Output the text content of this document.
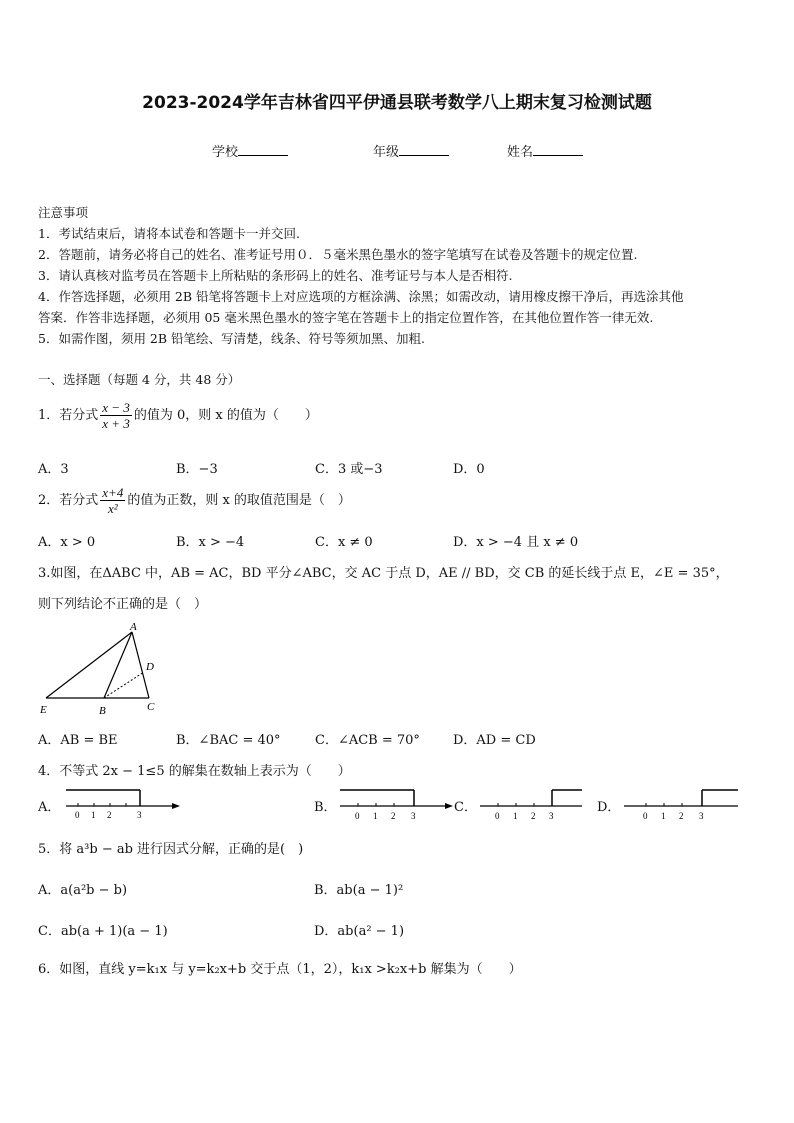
2023-2024学年吉林省四平伊通县联考数学八上期末复习检测试题
学校	年级	姓名
注意事项
1．考试结束后，请将本试卷和答题卡一并交回.
2．答题前，请务必将自己的姓名、准考证号用０．５毫米黑色墨水的签字笔填写在试卷及答题卡的规定位置.
3．请认真核对监考员在答题卡上所粘贴的条形码上的姓名、准考证号与本人是否相符.
4．作答选择题，必须用 2B 铅笔将答题卡上对应选项的方框涂满、涂黑；如需改动，请用橡皮擦干净后，再选涂其他
答案．作答非选择题，必须用 05 毫米黑色墨水的签字笔在答题卡上的指定位置作答，在其他位置作答一律无效.
5．如需作图，须用 2B 铅笔绘、写清楚，线条、符号等须加黑、加粗.
一、选择题（每题 4 分，共 48 分）
1．若分式 $\frac{x - 3}{x + 3}$ 的值为 0，则 x 的值为（　　）
A．3	B．−3	C．3 或−3	D．0
2．若分式 $\frac{x+4}{\text{x²}}$ 的值为正数，则 x 的取值范围是（　）
A．x > 0	B．x > −4	C．x ≠ 0	D．x > −4 且 x ≠ 0
3.如图，在ΔABC 中，AB = AC，BD 平分∠ABC，交 AC 于点 D，AE // BD，交 CB 的延长线于点 E，∠E = 35°，
则下列结论不正确的是（　）
A
D
E	B	C
A．AB = BE	B．∠BAC = 40°	C．∠ACB = 70°	D．AD = CD
4．不等式 2x − 1≤5 的解集在数轴上表示为（　　）
A． 0 1 2	3	B．
0 1 2 3
C．
0 1 2 3
D．
0 1 2 3
5．将 a³b − ab 进行因式分解，正确的是(　)
A．a(a²b − b)	B．ab(a − 1)²
C．ab(a + 1)(a − 1)	D．ab(a² − 1)
6．如图，直线 y=k₁x 与 y=k₂x+b 交于点（1，2），k₁x >k₂x+b 解集为（　　）
